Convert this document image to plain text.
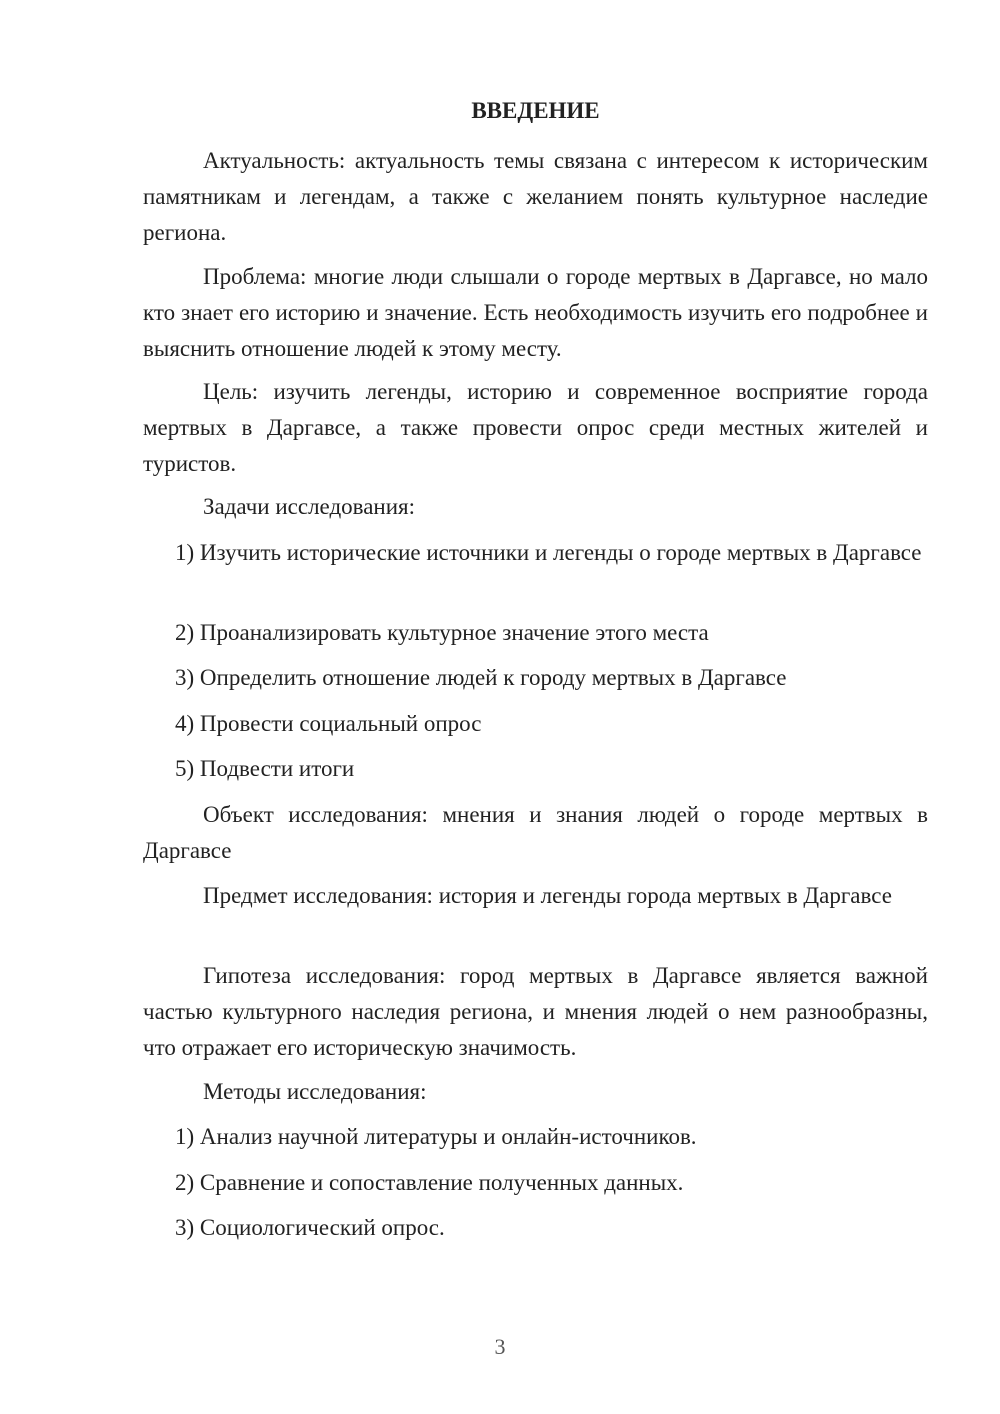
ВВЕДЕНИЕ

Актуальность: актуальность темы связана с интересом к историческим памятникам и легендам, а также с желанием понять культурное наследие региона.

Проблема: многие люди слышали о городе мертвых в Даргавсе, но мало кто знает его историю и значение. Есть необходимость изучить его подробнее и выяснить отношение людей к этому месту.

Цель: изучить легенды, историю и современное восприятие города мертвых в Даргавсе, а также провести опрос среди местных жителей и туристов.

Задачи исследования:

1) Изучить исторические источники и легенды о городе мертвых в Даргавсе

2) Проанализировать культурное значение этого места

3) Определить отношение людей к городу мертвых в Даргавсе

4) Провести социальный опрос

5) Подвести итоги

Объект исследования: мнения и знания людей о городе мертвых в Даргавсе

Предмет исследования: история и легенды города мертвых в Даргавсе

Гипотеза исследования: город мертвых в Даргавсе является важной частью культурного наследия региона, и мнения людей о нем разнообразны, что отражает его историческую значимость.

Методы исследования:

1) Анализ научной литературы и онлайн-источников.

2) Сравнение и сопоставление полученных данных.

3) Социологический опрос.

3
